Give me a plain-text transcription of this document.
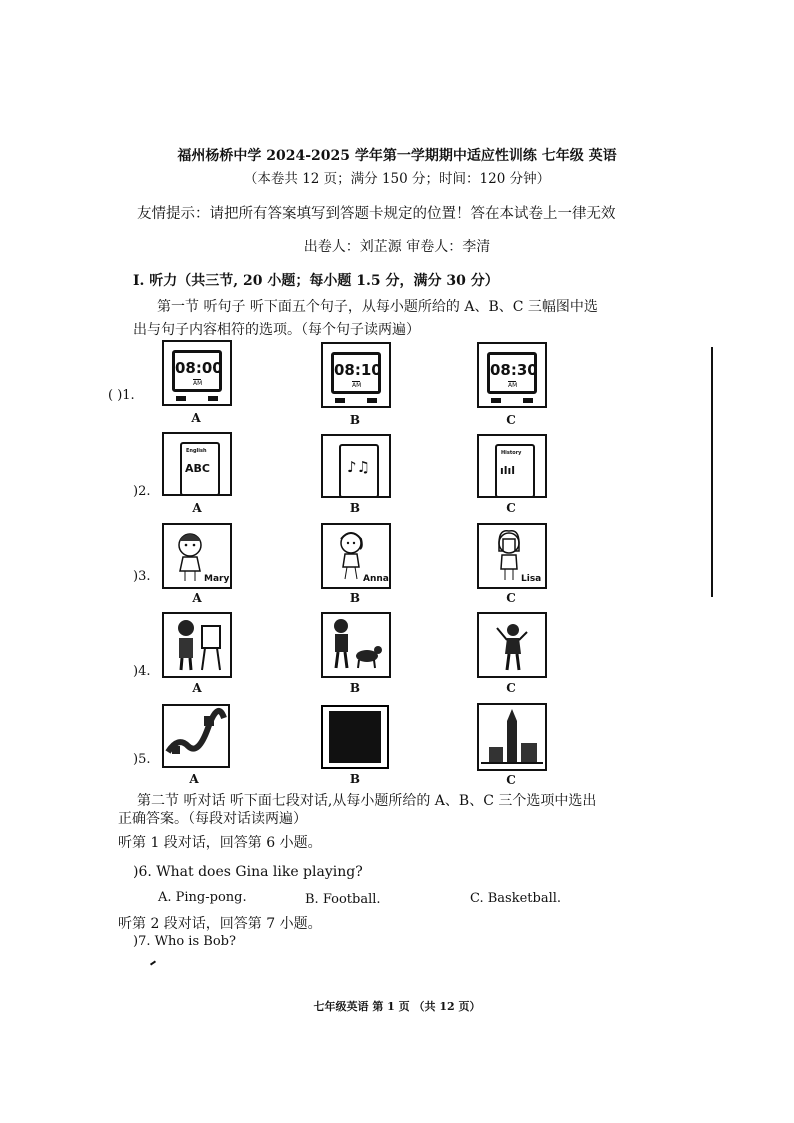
福州杨桥中学 2024-2025 学年第一学期期中适应性训练 七年级 英语
（本卷共 12 页；满分 150 分；时间：120 分钟）
友情提示：请把所有答案填写到答题卡规定的位置！答在本试卷上一律无效
出卷人：刘芷源 审卷人：李清
I. 听力（共三节, 20 小题；每小题 1.5 分，满分 30 分）
第一节 听句子 听下面五个句子，从每小题所给的 A、B、C 三幅图中选
出与句子内容相符的选项。（每个句子读两遍）
( )1.
08:00
AM
A
08:10
AM
B
08:30
AM
C
)2.
English
ABC
A
♪♫
B
History
ılıl
C
)3.	Mary
A
Anna
B
Lisa
C
)4.
A	B	C
)5.
A	B	C
第二节 听对话 听下面七段对话,从每小题所给的 A、B、C 三个选项中选出
正确答案。（每段对话读两遍）
听第 1 段对话，回答第 6 小题。
)6. What does Gina like playing?
A. Ping-pong.	B. Football.	C. Basketball.
听第 2 段对话，回答第 7 小题。
)7. Who is Bob?
七年级英语 第 1 页 （共 12 页）
